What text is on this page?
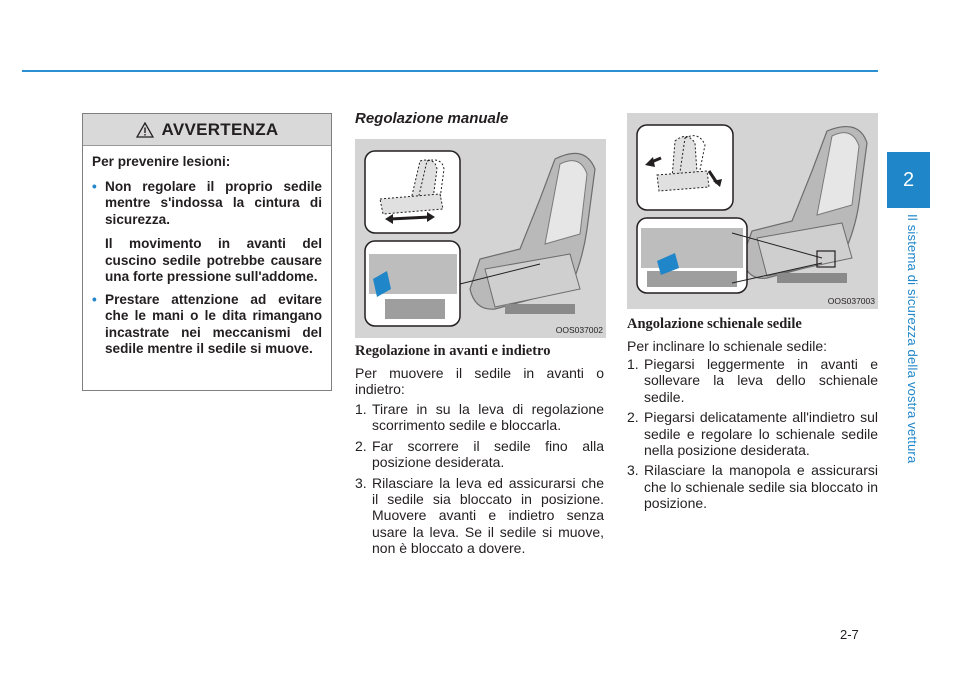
2
Il sistema di sicurezza della vostra vettura
AVVERTENZA
Per prevenire lesioni:
• Non regolare il proprio sedile mentre s'indossa la cintura di sicurezza.

Il movimento in avanti del cuscino sedile potrebbe causare una forte pressione sull'addome.

• Prestare attenzione ad evitare che le mani o le dita rimangano incastrate nei meccanismi del sedile mentre il sedile si muove.

Regolazione manuale
OOS037002
OOS037003
Regolazione in avanti e indietro
Per muovere il sedile in avanti o indietro:
1. Tirare in su la leva di regolazione scorrimento sedile e bloccarla.
2. Far scorrere il sedile fino alla posizione desiderata.
3. Rilasciare la leva ed assicurarsi che il sedile sia bloccato in posizione. Muovere avanti e indietro senza usare la leva. Se il sedile si muove, non è bloccato a dovere.
Angolazione schienale sedile
Per inclinare lo schienale sedile:
1. Piegarsi leggermente in avanti e sollevare la leva dello schienale sedile.
2. Piegarsi delicatamente all'indietro sul sedile e regolare lo schienale sedile nella posizione desiderata.
3. Rilasciare la manopola e assicurarsi che lo schienale sedile sia bloccato in posizione.
2-7
